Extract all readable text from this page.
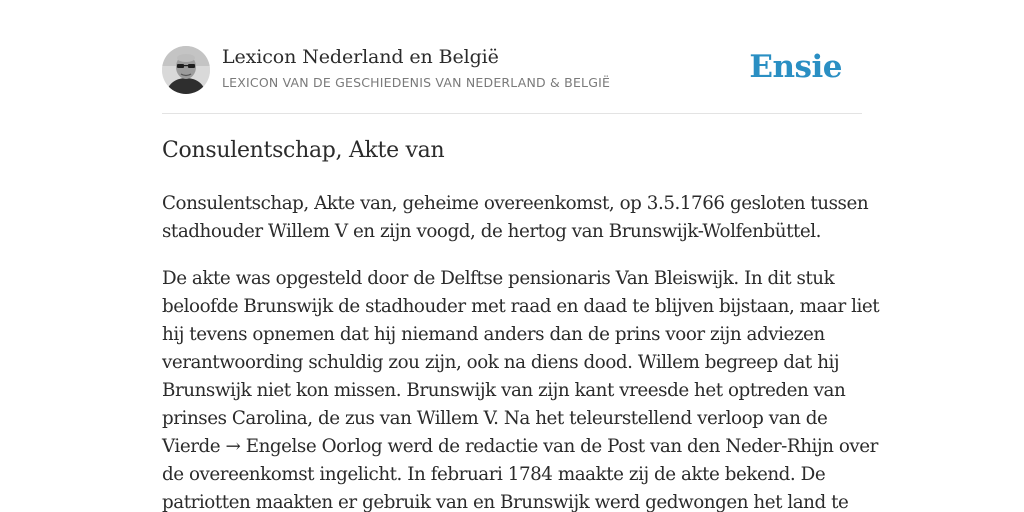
Lexicon Nederland en België
LEXICON VAN DE GESCHIEDENIS VAN NEDERLAND & BELGIË	Ensie
Consulentschap, Akte van

Consulentschap, Akte van, geheime overeenkomst, op 3.5.1766 gesloten tussen
stadhouder Willem V en zijn voogd, de hertog van Brunswijk-Wolfenbüttel.

De akte was opgesteld door de Delftse pensionaris Van Bleiswijk. In dit stuk
beloofde Brunswijk de stadhouder met raad en daad te blijven bijstaan, maar liet
hij tevens opnemen dat hij niemand anders dan de prins voor zijn adviezen
verantwoording schuldig zou zijn, ook na diens dood. Willem begreep dat hij
Brunswijk niet kon missen. Brunswijk van zijn kant vreesde het optreden van
prinses Carolina, de zus van Willem V. Na het teleurstellend verloop van de
Vierde → Engelse Oorlog werd de redactie van de Post van den Neder-Rhijn over
de overeenkomst ingelicht. In februari 1784 maakte zij de akte bekend. De
patriotten maakten er gebruik van en Brunswijk werd gedwongen het land te
